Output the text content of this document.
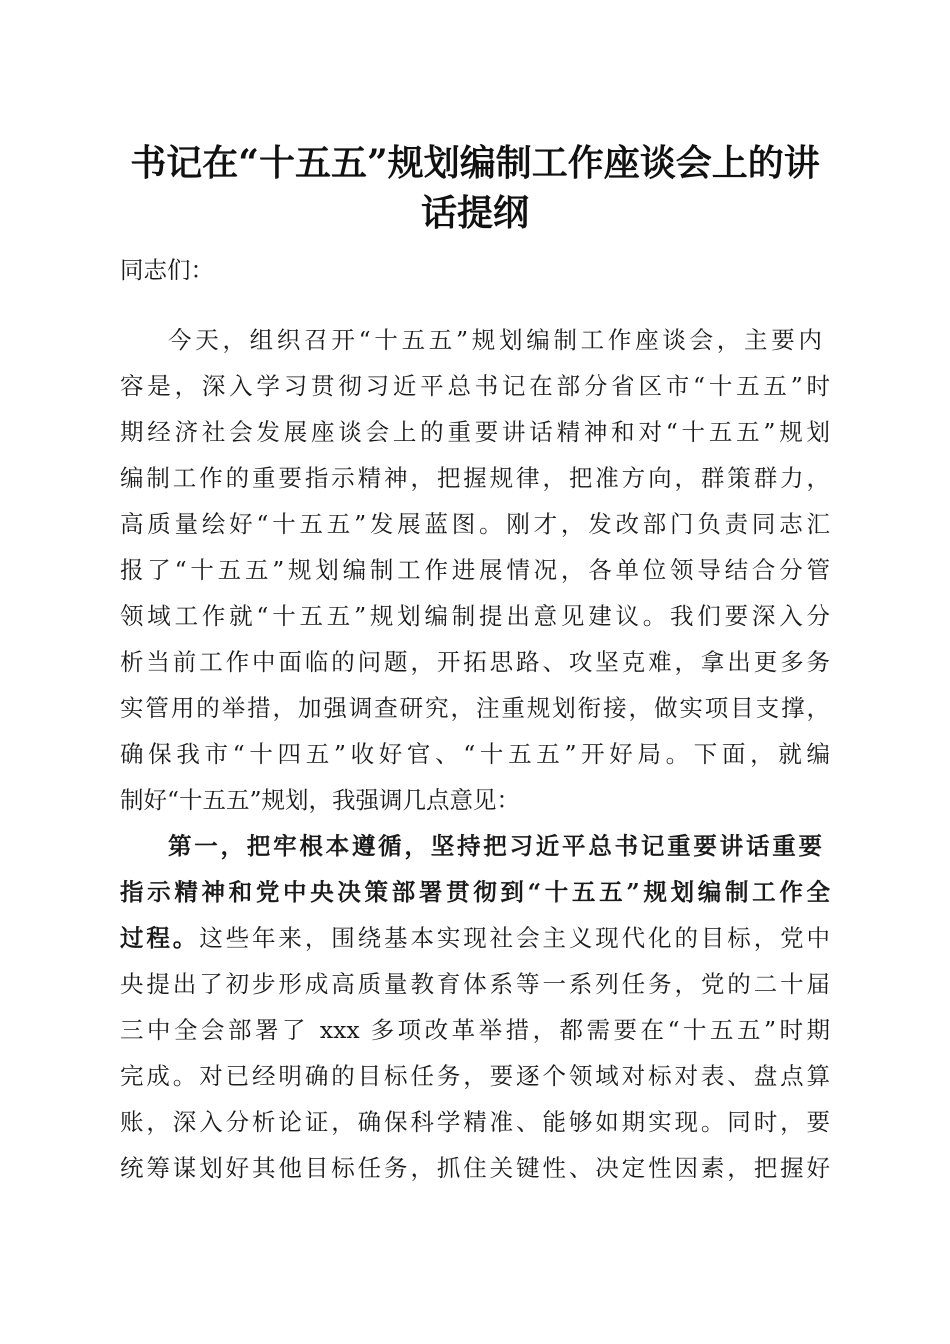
书记在“十五五”规划编制工作座谈会上的讲
话提纲

同志们：

今天，组织召开“十五五”规划编制工作座谈会，主要内

容是，深入学习贯彻习近平总书记在部分省区市“十五五”时

期经济社会发展座谈会上的重要讲话精神和对“十五五”规划

编制工作的重要指示精神，把握规律，把准方向，群策群力，

高质量绘好“十五五”发展蓝图。刚才，发改部门负责同志汇

报了“十五五”规划编制工作进展情况，各单位领导结合分管

领域工作就“十五五”规划编制提出意见建议。我们要深入分

析当前工作中面临的问题，开拓思路、攻坚克难，拿出更多务

实管用的举措，加强调查研究，注重规划衔接，做实项目支撑，

确保我市“十四五”收好官、“十五五”开好局。下面，就编

制好“十五五”规划，我强调几点意见：

第一，把牢根本遵循，坚持把习近平总书记重要讲话重要

指示精神和党中央决策部署贯彻到“十五五”规划编制工作全

过程。这些年来，围绕基本实现社会主义现代化的目标，党中

央提出了初步形成高质量教育体系等一系列任务，党的二十届

三中全会部署了 xxx 多项改革举措，都需要在“十五五”时期

完成。对已经明确的目标任务，要逐个领域对标对表、盘点算

账，深入分析论证，确保科学精准、能够如期实现。同时，要

统筹谋划好其他目标任务，抓住关键性、决定性因素，把握好
